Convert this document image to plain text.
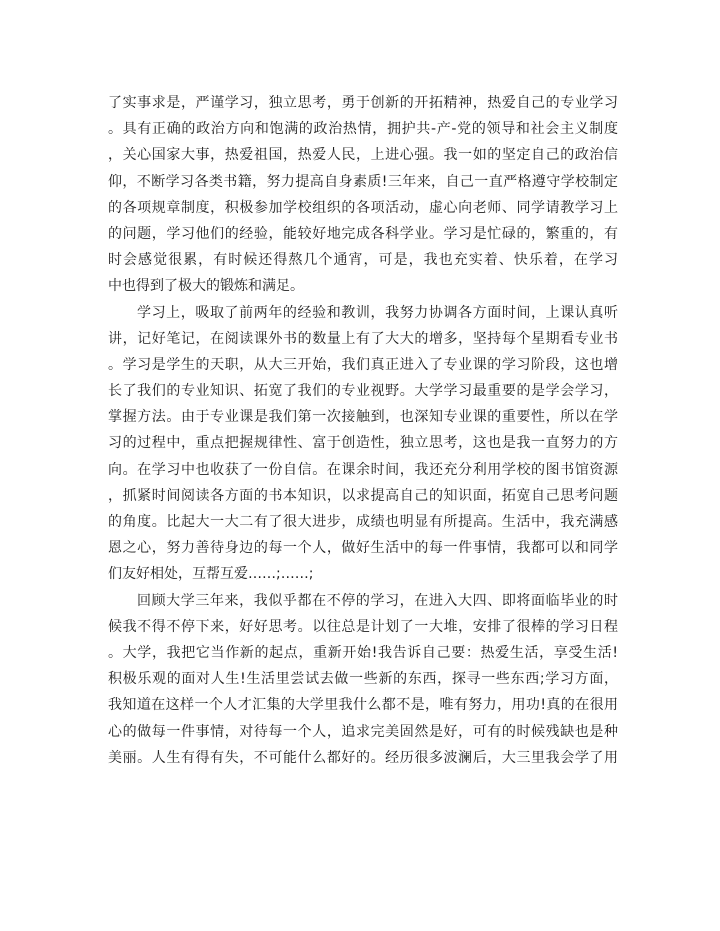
了实事求是，严谨学习，独立思考，勇于创新的开拓精神，热爱自己的专业学习
。具有正确的政治方向和饱满的政治热情，拥护共-产-党的领导和社会主义制度
，关心国家大事，热爱祖国，热爱人民，上进心强。我一如的坚定自己的政治信
仰，不断学习各类书籍，努力提高自身素质!三年来，自己一直严格遵守学校制定
的各项规章制度，积极参加学校组织的各项活动，虚心向老师、同学请教学习上
的问题，学习他们的经验，能较好地完成各科学业。学习是忙碌的，繁重的，有
时会感觉很累，有时候还得熬几个通宵，可是，我也充实着、快乐着，在学习
中也得到了极大的锻炼和满足。
学习上，吸取了前两年的经验和教训，我努力协调各方面时间，上课认真听
讲，记好笔记，在阅读课外书的数量上有了大大的增多，坚持每个星期看专业书
。学习是学生的天职，从大三开始，我们真正进入了专业课的学习阶段，这也增
长了我们的专业知识、拓宽了我们的专业视野。大学学习最重要的是学会学习，
掌握方法。由于专业课是我们第一次接触到，也深知专业课的重要性，所以在学
习的过程中，重点把握规律性、富于创造性，独立思考，这也是我一直努力的方
向。在学习中也收获了一份自信。在课余时间，我还充分利用学校的图书馆资源
，抓紧时间阅读各方面的书本知识，以求提高自己的知识面，拓宽自己思考问题
的角度。比起大一大二有了很大进步，成绩也明显有所提高。生活中，我充满感
恩之心，努力善待身边的每一个人，做好生活中的每一件事情，我都可以和同学
们友好相处，互帮互爱……;……;
回顾大学三年来，我似乎都在不停的学习，在进入大四、即将面临毕业的时
候我不得不停下来，好好思考。以往总是计划了一大堆，安排了很棒的学习日程
。大学，我把它当作新的起点，重新开始!我告诉自己要：热爱生活，享受生活!
积极乐观的面对人生!生活里尝试去做一些新的东西，探寻一些东西;学习方面，
我知道在这样一个人才汇集的大学里我什么都不是，唯有努力，用功!真的在很用
心的做每一件事情，对待每一个人，追求完美固然是好，可有的时候残缺也是种
美丽。人生有得有失，不可能什么都好的。经历很多波澜后，大三里我会学了用
